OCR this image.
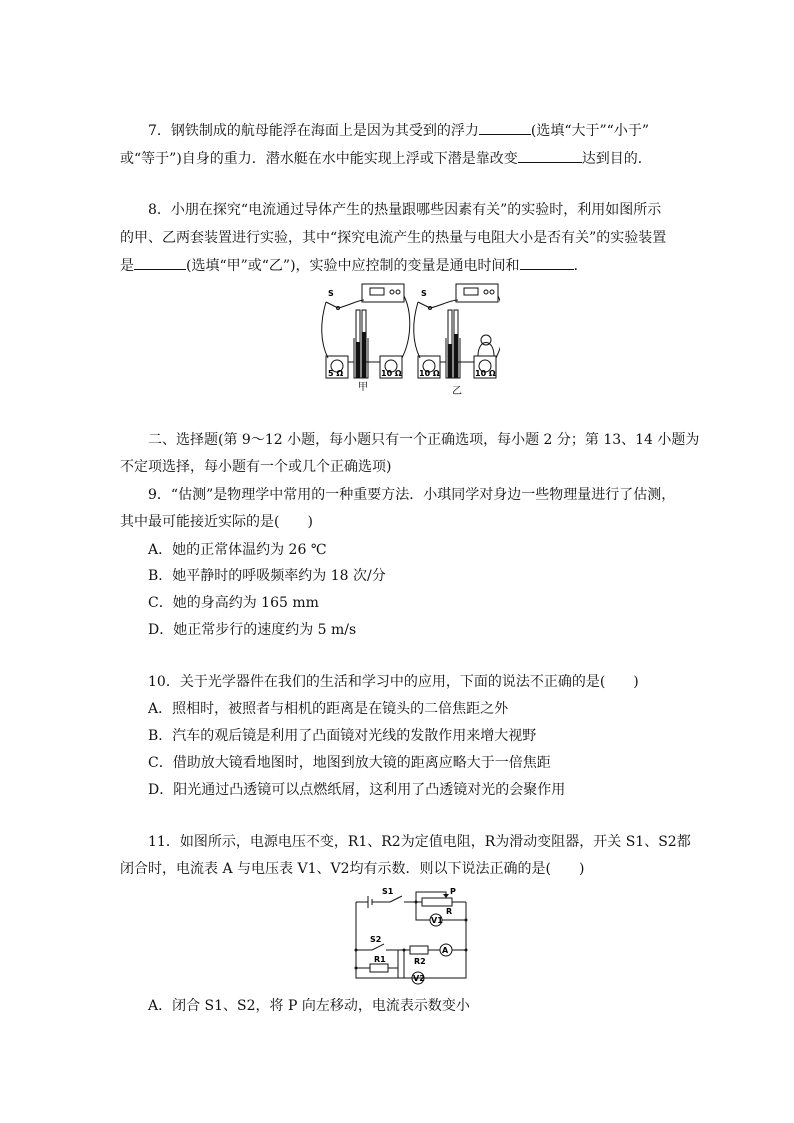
7．钢铁制成的航母能浮在海面上是因为其受到的浮力	(选填“大于”“小于”
或“等于”)自身的重力．潜水艇在水中能实现上浮或下潜是靠改变	达到目的．
8．小朋在探究“电流通过导体产生的热量跟哪些因素有关”的实验时，利用如图所示
的甲、乙两套装置进行实验，其中“探究电流产生的热量与电阻大小是否有关”的实验装置
是	(选填“甲”或“乙”)，实验中应控制的变量是通电时间和	．
S	S
5 Ω	10 Ω 10 Ω	10 Ω
甲	乙
二、选择题(第 9～12 小题，每小题只有一个正确选项，每小题 2 分；第 13、14 小题为
不定项选择，每小题有一个或几个正确选项)
9．“估测”是物理学中常用的一种重要方法．小琪同学对身边一些物理量进行了估测，
其中最可能接近实际的是(　　)
A．她的正常体温约为 26 ℃
B．她平静时的呼吸频率约为 18 次/分
C．她的身高约为 165 mm
D．她正常步行的速度约为 5 m/s
10．关于光学器件在我们的生活和学习中的应用，下面的说法不正确的是(　　)
A．照相时，被照者与相机的距离是在镜头的二倍焦距之外
B．汽车的观后镜是利用了凸面镜对光线的发散作用来增大视野
C．借助放大镜看地图时，地图到放大镜的距离应略大于一倍焦距
D．阳光通过凸透镜可以点燃纸屑，这利用了凸透镜对光的会聚作用
11．如图所示，电源电压不变，R1、R2为定值电阻，R为滑动变阻器，开关 S1、S2都
闭合时，电流表 A 与电压表 V1、V2均有示数．则以下说法正确的是(　　)
S1	P
R
V1
S2
A
R2
R1
V2
A．闭合 S1、S2，将 P 向左移动，电流表示数变小
